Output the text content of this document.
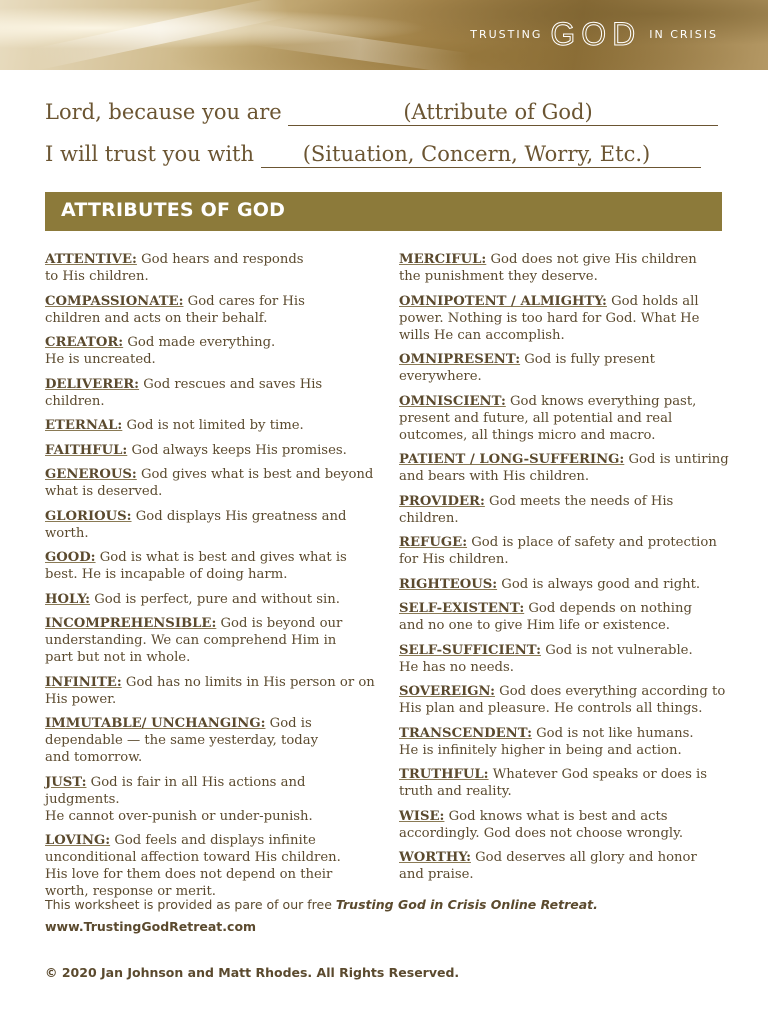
TRUSTING GOD IN CRISIS
Lord, because you are	(Attribute of God)
I will trust you with (Situation, Concern, Worry, Etc.)
ATTRIBUTES OF GOD
ATTENTIVE: God hears and responds
to His children.
COMPASSIONATE: God cares for His
children and acts on their behalf.
CREATOR: God made everything.
He is uncreated.
DELIVERER: God rescues and saves His children.
ETERNAL: God is not limited by time.
FAITHFUL: God always keeps His promises.
GENEROUS: God gives what is best and beyond
what is deserved.
GLORIOUS: God displays His greatness and worth.
GOOD: God is what is best and gives what is
best. He is incapable of doing harm.
HOLY: God is perfect, pure and without sin.
INCOMPREHENSIBLE: God is beyond our
understanding. We can comprehend Him in
part but not in whole.
INFINITE: God has no limits in His person or on
His power.
IMMUTABLE/ UNCHANGING: God is
dependable — the same yesterday, today
and tomorrow.
JUST: God is fair in all His actions and
judgments.
He cannot over-punish or under-punish.
LOVING: God feels and displays infinite
unconditional affection toward His children.
His love for them does not depend on their
worth, response or merit.
MERCIFUL: God does not give His children
the punishment they deserve.
OMNIPOTENT / ALMIGHTY: God holds all
power. Nothing is too hard for God. What He
wills He can accomplish.
OMNIPRESENT: God is fully present everywhere.
OMNISCIENT: God knows everything past,
present and future, all potential and real
outcomes, all things micro and macro.
PATIENT / LONG-SUFFERING: God is untiring
and bears with His children.
PROVIDER: God meets the needs of His children.
REFUGE: God is place of safety and protection
for His children.
RIGHTEOUS: God is always good and right.
SELF-EXISTENT: God depends on nothing
and no one to give Him life or existence.
SELF-SUFFICIENT: God is not vulnerable.
He has no needs.
SOVEREIGN: God does everything according to
His plan and pleasure. He controls all things.
TRANSCENDENT: God is not like humans.
He is infinitely higher in being and action.
TRUTHFUL: Whatever God speaks or does is
truth and reality.
WISE: God knows what is best and acts
accordingly. God does not choose wrongly.
WORTHY: God deserves all glory and honor
and praise.
This worksheet is provided as pare of our free Trusting God in Crisis Online Retreat.
www.TrustingGodRetreat.com
© 2020 Jan Johnson and Matt Rhodes. All Rights Reserved.
